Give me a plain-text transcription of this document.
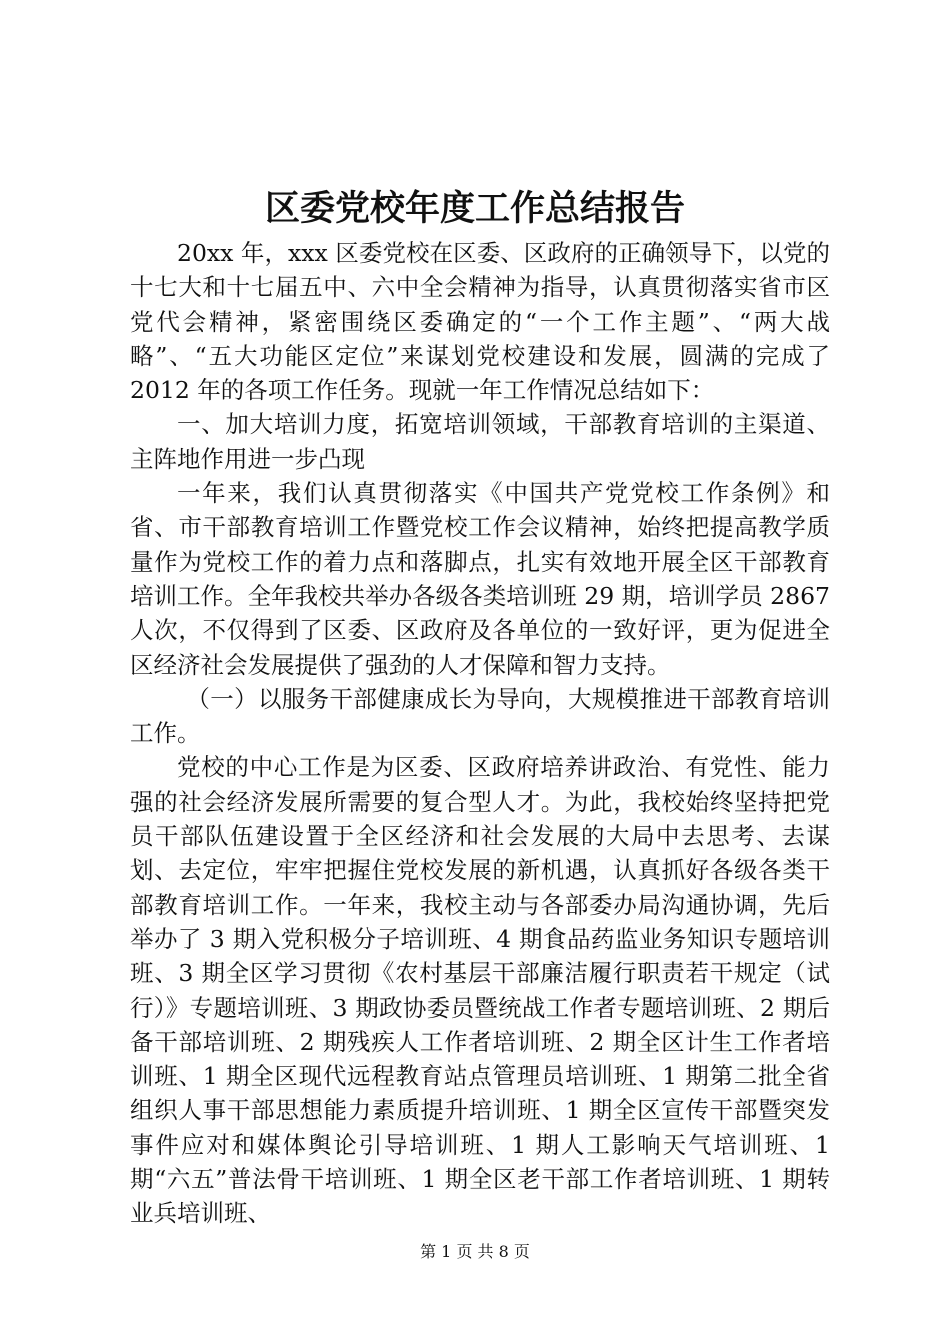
区委党校年度工作总结报告

20xx 年，xxx 区委党校在区委、区政府的正确领导下，以党的十七大和十七届五中、六中全会精神为指导，认真贯彻落实省市区党代会精神，紧密围绕区委确定的“一个工作主题”、“两大战略”、“五大功能区定位”来谋划党校建设和发展，圆满的完成了 2012 年的各项工作任务。现就一年工作情况总结如下：

一、加大培训力度，拓宽培训领域，干部教育培训的主渠道、主阵地作用进一步凸现

一年来，我们认真贯彻落实《中国共产党党校工作条例》和省、市干部教育培训工作暨党校工作会议精神，始终把提高教学质量作为党校工作的着力点和落脚点，扎实有效地开展全区干部教育培训工作。全年我校共举办各级各类培训班 29 期，培训学员 2867 人次，不仅得到了区委、区政府及各单位的一致好评，更为促进全区经济社会发展提供了强劲的人才保障和智力支持。

（一）以服务干部健康成长为导向，大规模推进干部教育培训工作。

党校的中心工作是为区委、区政府培养讲政治、有党性、能力强的社会经济发展所需要的复合型人才。为此，我校始终坚持把党员干部队伍建设置于全区经济和社会发展的大局中去思考、去谋划、去定位，牢牢把握住党校发展的新机遇，认真抓好各级各类干部教育培训工作。一年来，我校主动与各部委办局沟通协调，先后举办了 3 期入党积极分子培训班、4 期食品药监业务知识专题培训班、3 期全区学习贯彻《农村基层干部廉洁履行职责若干规定（试行）》专题培训班、3 期政协委员暨统战工作者专题培训班、2 期后备干部培训班、2 期残疾人工作者培训班、2 期全区计生工作者培训班、1 期全区现代远程教育站点管理员培训班、1 期第二批全省组织人事干部思想能力素质提升培训班、1 期全区宣传干部暨突发事件应对和媒体舆论引导培训班、1 期人工影响天气培训班、1 期“六五”普法骨干培训班、1 期全区老干部工作者培训班、1 期转业兵培训班、

第 1 页 共 8 页
